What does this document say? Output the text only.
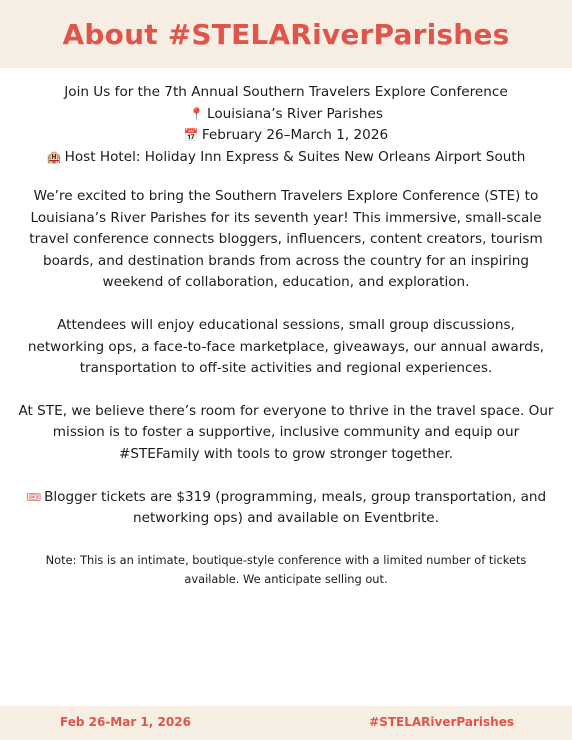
About #STELARiverParishes
Join Us for the 7th Annual Southern Travelers Explore Conference
📍 Louisiana’s River Parishes
📅 February 26–March 1, 2026
🏨 Host Hotel: Holiday Inn Express & Suites New Orleans Airport South

We’re excited to bring the Southern Travelers Explore Conference (STE) to Louisiana’s River Parishes for its seventh year! This immersive, small-scale travel conference connects bloggers, influencers, content creators, tourism boards, and destination brands from across the country for an inspiring weekend of collaboration, education, and exploration.

Attendees will enjoy educational sessions, small group discussions, networking ops, a face-to-face marketplace, giveaways, our annual awards, transportation to off-site activities and regional experiences.

At STE, we believe there’s room for everyone to thrive in the travel space. Our mission is to foster a supportive, inclusive community and equip our #STEFamily with tools to grow stronger together.

🎟 Blogger tickets are $319 (programming, meals, group transportation, and networking ops) and available on Eventbrite.

Note: This is an intimate, boutique-style conference with a limited number of tickets available. We anticipate selling out.

Feb 26-Mar 1, 2026	#STELARiverParishes
